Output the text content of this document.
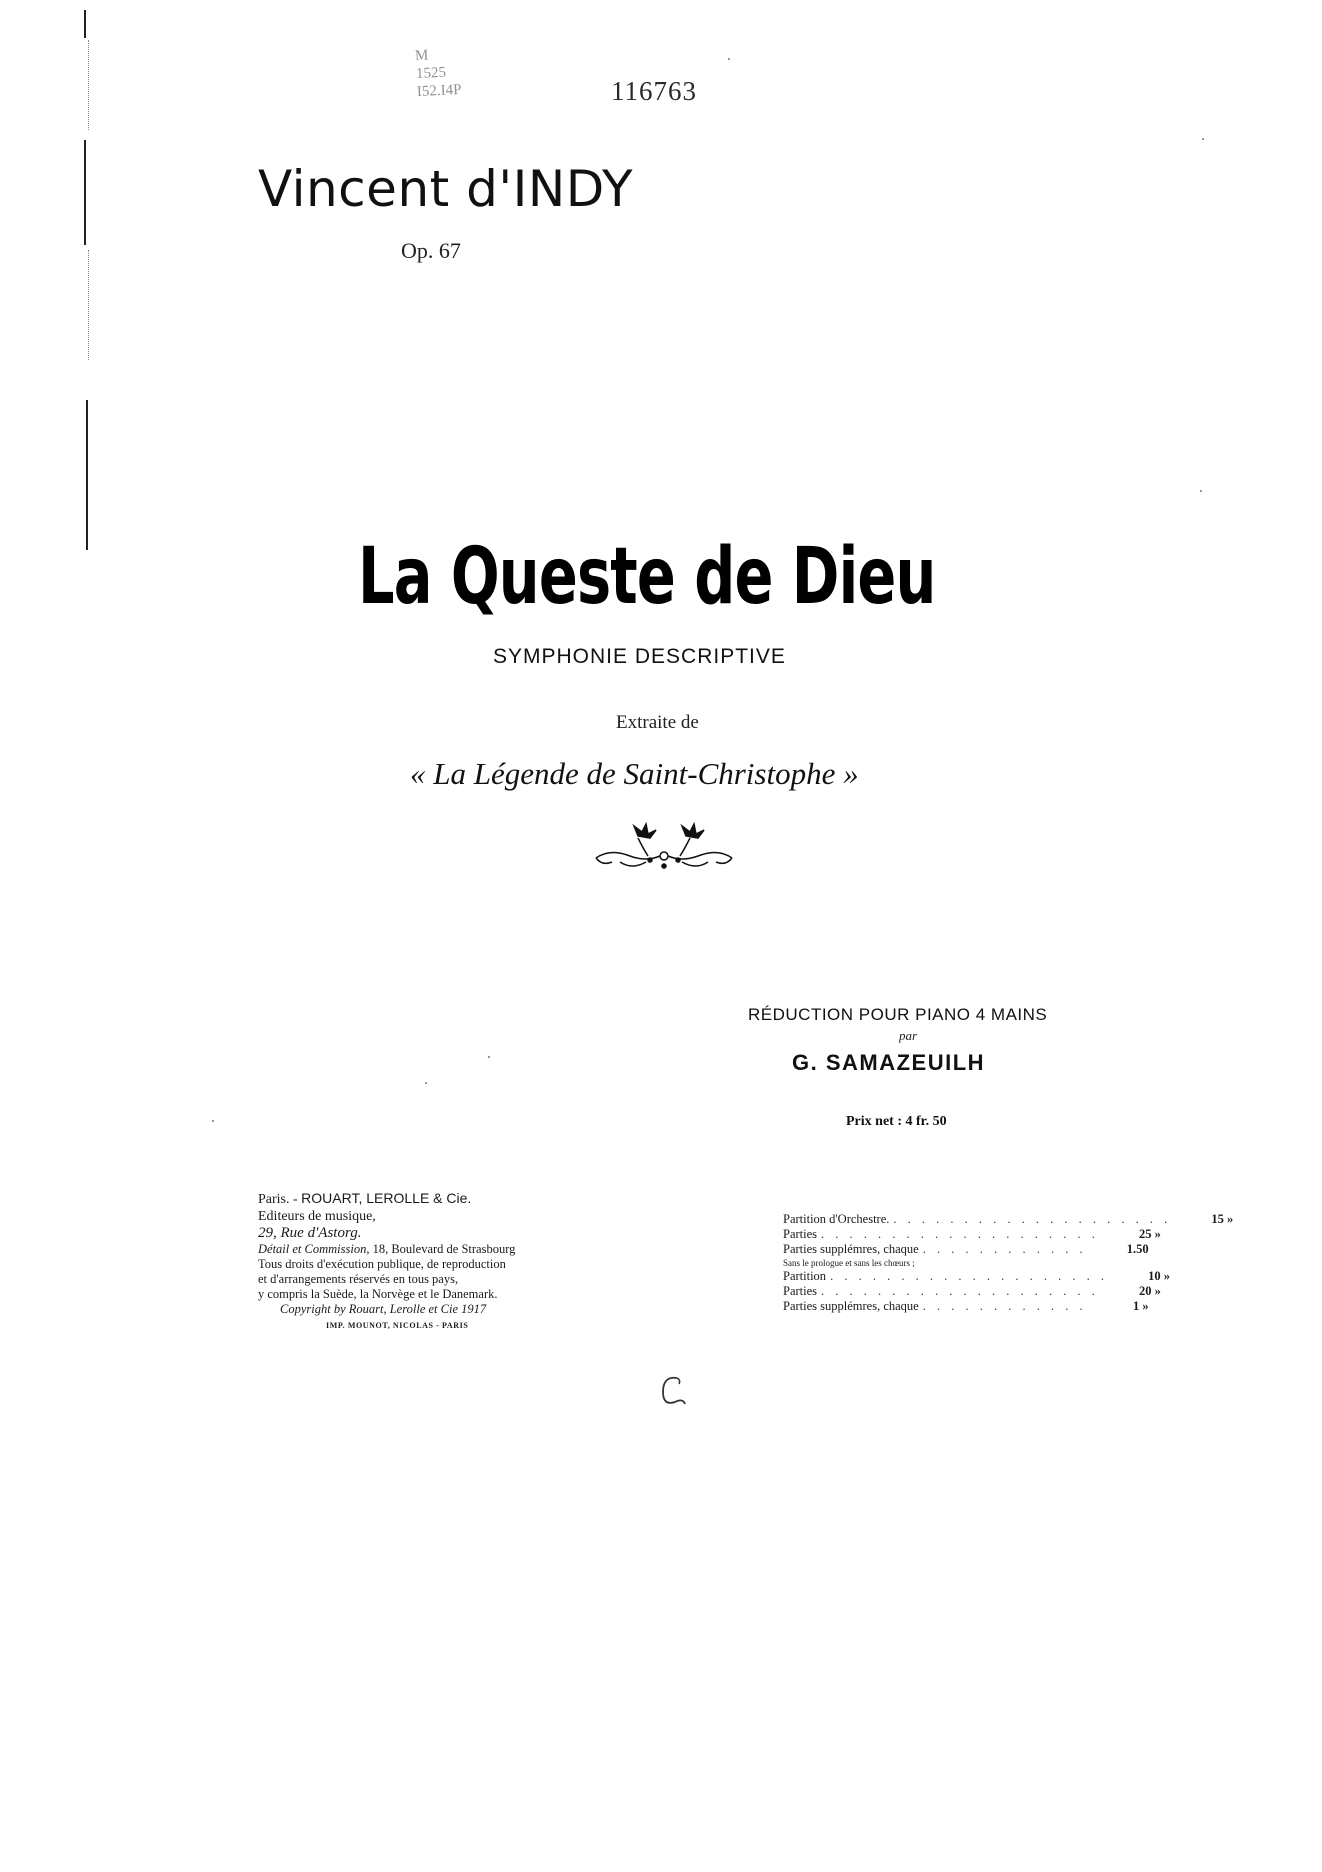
M
1525
I52.I4P	116763
Vincent d'INDY
Op. 67
La Queste de Dieu
SYMPHONIE DESCRIPTIVE
Extraite de
« La Légende de Saint-Christophe »
RÉDUCTION POUR PIANO 4 MAINS
par
G. SAMAZEUILH
Prix net : 4 fr. 50
Paris. - ROUART, LEROLLE & Cie.
Editeurs de musique,
29, Rue d'Astorg.
Détail et Commission, 18, Boulevard de Strasbourg
Tous droits d'exécution publique, de reproduction
et d'arrangements réservés en tous pays,
y compris la Suède, la Norvège et le Danemark.
Copyright by Rouart, Lerolle et Cie 1917
IMP. MOUNOT, NICOLAS - PARIS
Partition d'Orchestre. . . . . . . . . . . . . . . . . . . . .	15 »
Parties . . . . . . . . . . . . . . . . . . . .	25 »
Parties supplémres, chaque . . . . . . . . . . . .	1.50
Sans le prologue et sans les chœurs ;
Partition . . . . . . . . . . . . . . . . . . . .	10 »
Parties . . . . . . . . . . . . . . . . . . . .	20 »
Parties supplémres, chaque . . . . . . . . . . . .	1 »
